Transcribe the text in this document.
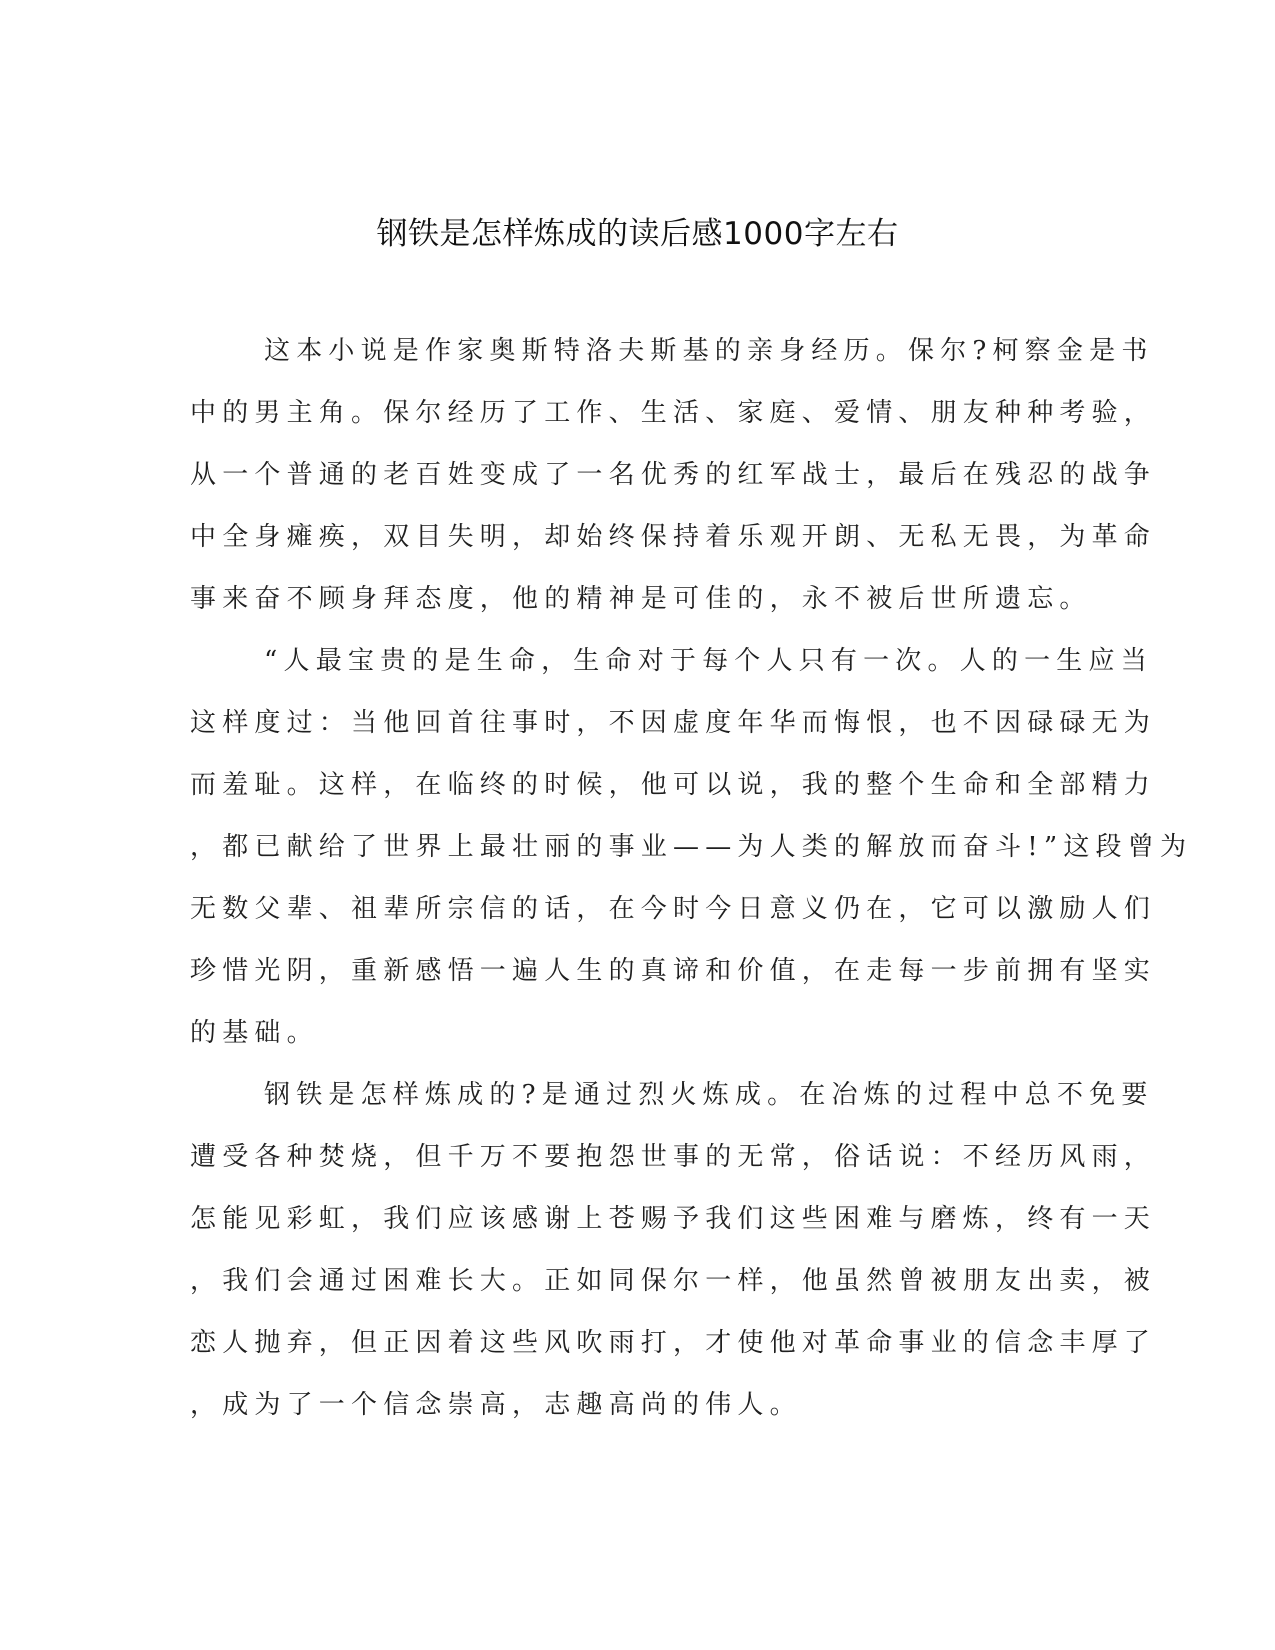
钢铁是怎样炼成的读后感1000字左右
这本小说是作家奥斯特洛夫斯基的亲身经历。保尔?柯察金是书
中的男主角。保尔经历了工作、生活、家庭、爱情、朋友种种考验，
从一个普通的老百姓变成了一名优秀的红军战士，最后在残忍的战争
中全身瘫痪，双目失明，却始终保持着乐观开朗、无私无畏，为革命
事来奋不顾身拜态度，他的精神是可佳的，永不被后世所遗忘。
“人最宝贵的是生命，生命对于每个人只有一次。人的一生应当
这样度过：当他回首往事时，不因虚度年华而悔恨，也不因碌碌无为
而羞耻。这样，在临终的时候，他可以说，我的整个生命和全部精力
，都已献给了世界上最壮丽的事业——为人类的解放而奋斗!”这段曾为
无数父辈、祖辈所宗信的话，在今时今日意义仍在，它可以激励人们
珍惜光阴，重新感悟一遍人生的真谛和价值，在走每一步前拥有坚实
的基础。
钢铁是怎样炼成的?是通过烈火炼成。在冶炼的过程中总不免要
遭受各种焚烧，但千万不要抱怨世事的无常，俗话说：不经历风雨，
怎能见彩虹，我们应该感谢上苍赐予我们这些困难与磨炼，终有一天
，我们会通过困难长大。正如同保尔一样，他虽然曾被朋友出卖，被
恋人抛弃，但正因着这些风吹雨打，才使他对革命事业的信念丰厚了
，成为了一个信念崇高，志趣高尚的伟人。
